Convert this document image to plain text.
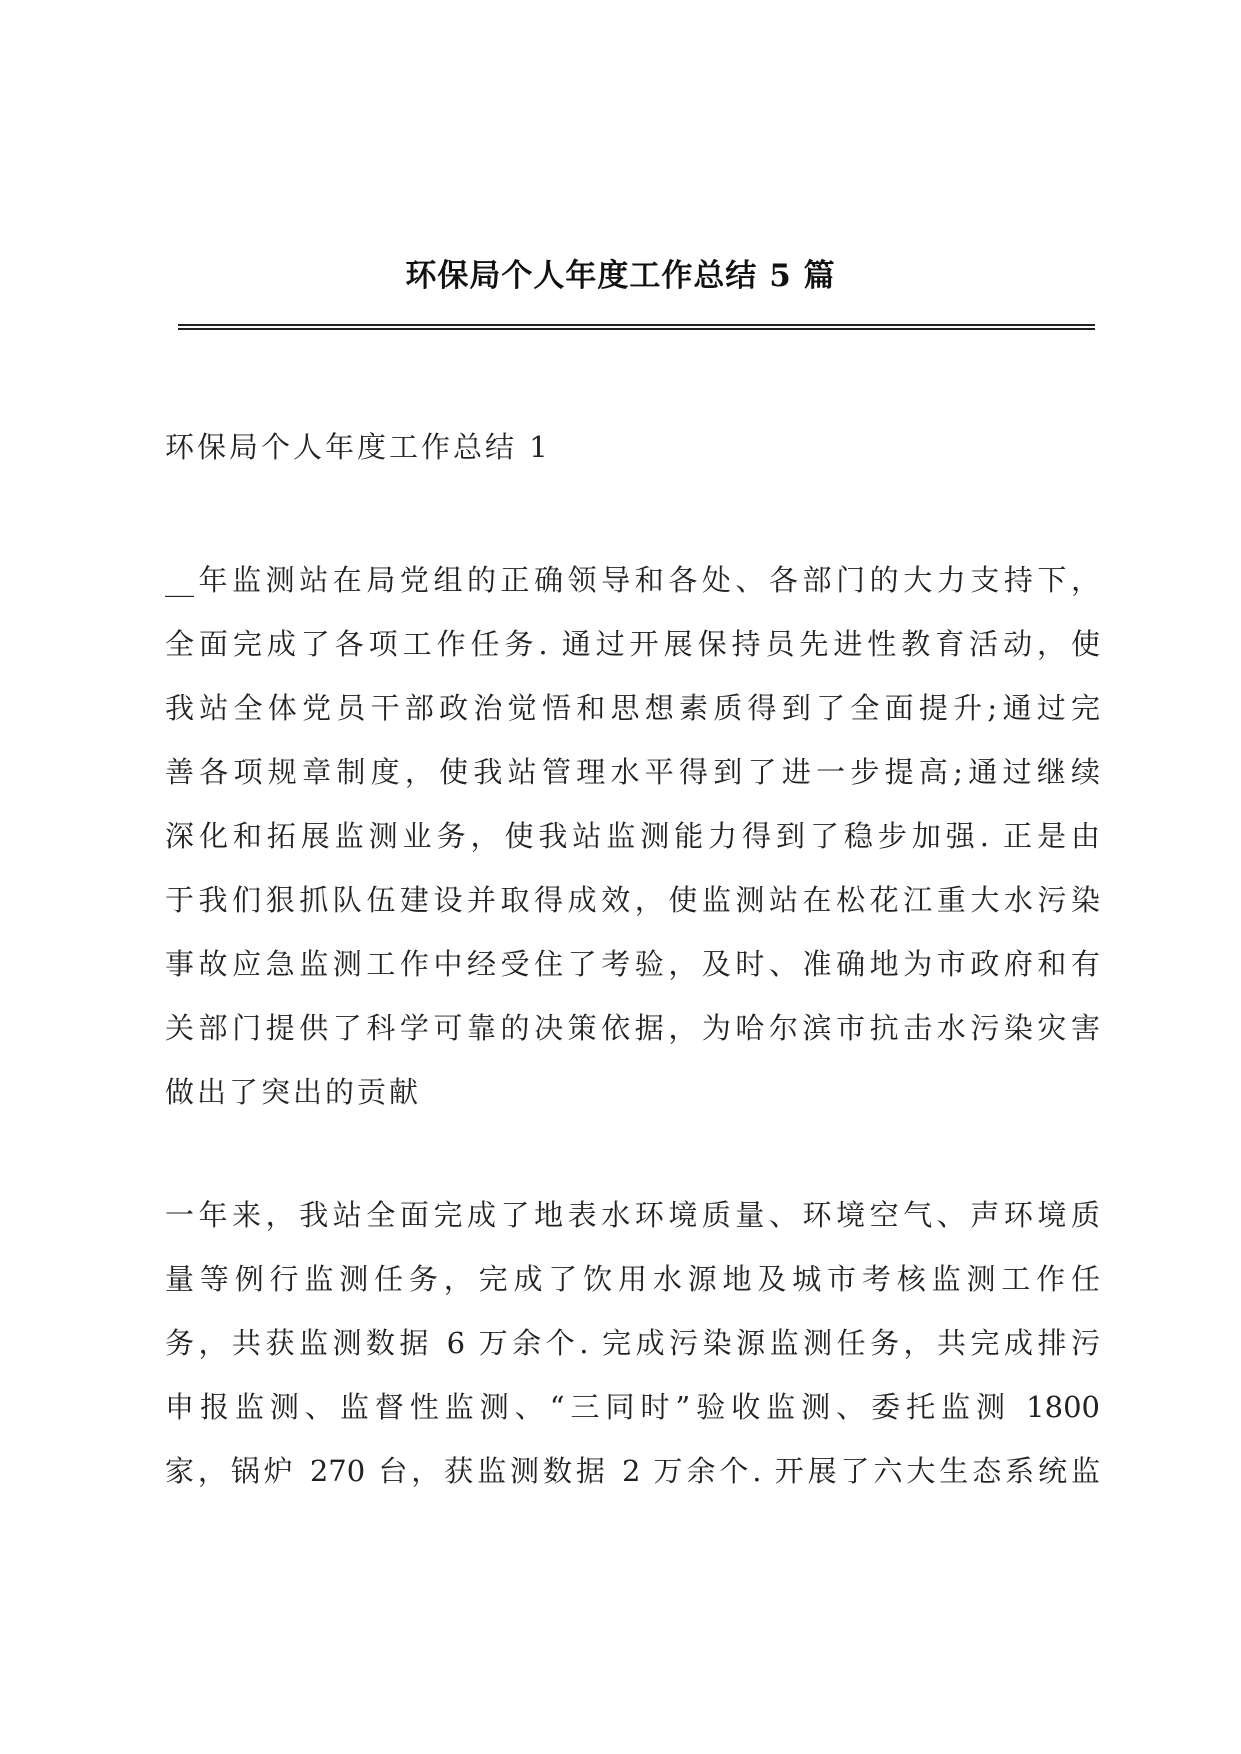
环保局个人年度工作总结 5 篇
环保局个人年度工作总结 1
__年监测站在局党组的正确领导和各处、各部门的大力支持下，
全面完成了各项工作任务. 通过开展保持员先进性教育活动，使
我站全体党员干部政治觉悟和思想素质得到了全面提升;通过完
善各项规章制度，使我站管理水平得到了进一步提高;通过继续
深化和拓展监测业务，使我站监测能力得到了稳步加强. 正是由
于我们狠抓队伍建设并取得成效，使监测站在松花江重大水污染
事故应急监测工作中经受住了考验，及时、准确地为市政府和有
关部门提供了科学可靠的决策依据，为哈尔滨市抗击水污染灾害
做出了突出的贡献
一年来，我站全面完成了地表水环境质量、环境空气、声环境质
量等例行监测任务，完成了饮用水源地及城市考核监测工作任
务，共获监测数据 6 万余个. 完成污染源监测任务，共完成排污
申报监测、监督性监测、“三同时”验收监测、委托监测 1800
家，锅炉 270 台，获监测数据 2 万余个. 开展了六大生态系统监
